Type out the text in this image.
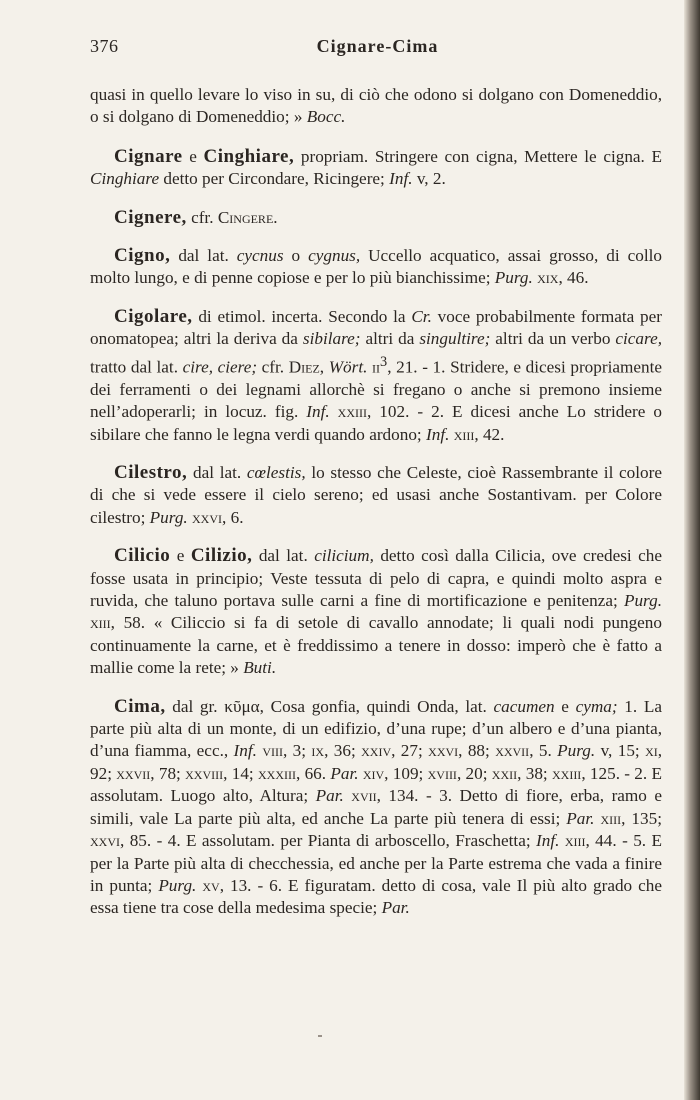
376	Cignare-Cima

quasi in quello levare lo viso in su, di ciò che odono si dolgano con Domeneddio, o si dolgano di Domeneddio; » Bocc.

Cignare e Cinghiare, propriam. Stringere con cigna, Mettere le cigna. E Cinghiare detto per Circondare, Ricingere; Inf. v, 2.

Cignere, cfr. Cingere.

Cigno, dal lat. cycnus o cygnus, Uccello acquatico, assai grosso, di collo molto lungo, e di penne copiose e per lo più bianchissime; Purg. xix, 46.

Cigolare, di etimol. incerta. Secondo la Cr. voce probabilmente formata per onomatopea; altri la deriva da sibilare; altri da singultire; altri da un verbo cicare, tratto dal lat. cire, ciere; cfr. Diez, Wört. $ii^3$, 21. - 1. Stridere, e dicesi propriamente dei ferramenti o dei legnami allorchè si fregano o anche si premono insieme nell’adoperarli; in locuz. fig. Inf. xxiii, 102. - 2. E dicesi anche Lo stridere o sibilare che fanno le legna verdi quando ardono; Inf. xiii, 42.

Cilestro, dal lat. cœlestis, lo stesso che Celeste, cioè Rassembrante il colore di che si vede essere il cielo sereno; ed usasi anche Sostantivam. per Colore cilestro; Purg. xxvi, 6.

Cilicio e Cilizio, dal lat. cilicium, detto così dalla Cilicia, ove credesi che fosse usata in principio; Veste tessuta di pelo di capra, e quindi molto aspra e ruvida, che taluno portava sulle carni a fine di mortificazione e penitenza; Purg. xiii, 58. « Ciliccio si fa di setole di cavallo annodate; li quali nodi pungeno continuamente la carne, et è freddissimo a tenere in dosso: imperò che è fatto a mallie come la rete; » Buti.

Cima, dal gr. κῦμα, Cosa gonfia, quindi Onda, lat. cacumen e cyma; 1. La parte più alta di un monte, di un edifizio, d’una rupe; d’un albero e d’una pianta, d’una fiamma, ecc., Inf. viii, 3; ix, 36; xxiv, 27; xxvi, 88; xxvii, 5. Purg. v, 15; xi, 92; xxvii, 78; xxviii, 14; xxxiii, 66. Par. xiv, 109; xviii, 20; xxii, 38; xxiii, 125. - 2. E assolutam. Luogo alto, Altura; Par. xvii, 134. - 3. Detto di fiore, erba, ramo e simili, vale La parte più alta, ed anche La parte più tenera di essi; Par. xiii, 135; xxvi, 85. - 4. E assolutam. per Pianta di arboscello, Fraschetta; Inf. xiii, 44. - 5. E per la Parte più alta di checchessia, ed anche per la Parte estrema che vada a finire in punta; Purg. xv, 13. - 6. E figuratam. detto di cosa, vale Il più alto grado che essa tiene tra cose della medesima specie; Par.
